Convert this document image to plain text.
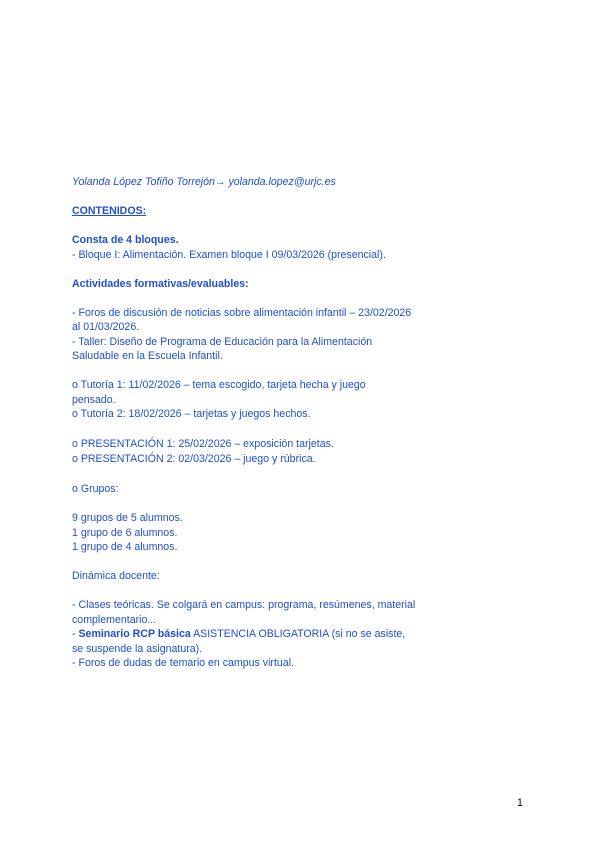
Yolanda López Tofiño Torrejón→ yolanda.lopez@urjc.es
CONTENIDOS:
Consta de 4 bloques.
- Bloque I: Alimentación. Examen bloque I 09/03/2026 (presencial).
Actividades formativas/evaluables:
- Foros de discusión de noticias sobre alimentación infantil – 23/02/2026
al 01/03/2026.
- Taller: Diseño de Programa de Educación para la Alimentación
Saludable en la Escuela Infantil.
o Tutoría 1: 11/02/2026 – tema escogido, tarjeta hecha y juego
pensado.
o Tutoría 2: 18/02/2026 – tarjetas y juegos hechos.
o PRESENTACIÓN 1: 25/02/2026 – exposición tarjetas.
o PRESENTACIÓN 2: 02/03/2026 – juego y rúbrica.
o Grupos:
9 grupos de 5 alumnos.
1 grupo de 6 alumnos.
1 grupo de 4 alumnos.
Dinámica docente:
- Clases teóricas. Se colgará en campus: programa, resúmenes, material
complementario...
- Seminario RCP básica ASISTENCIA OBLIGATORIA (si no se asiste,
se suspende la asignatura).
- Foros de dudas de temario en campus virtual.
1
